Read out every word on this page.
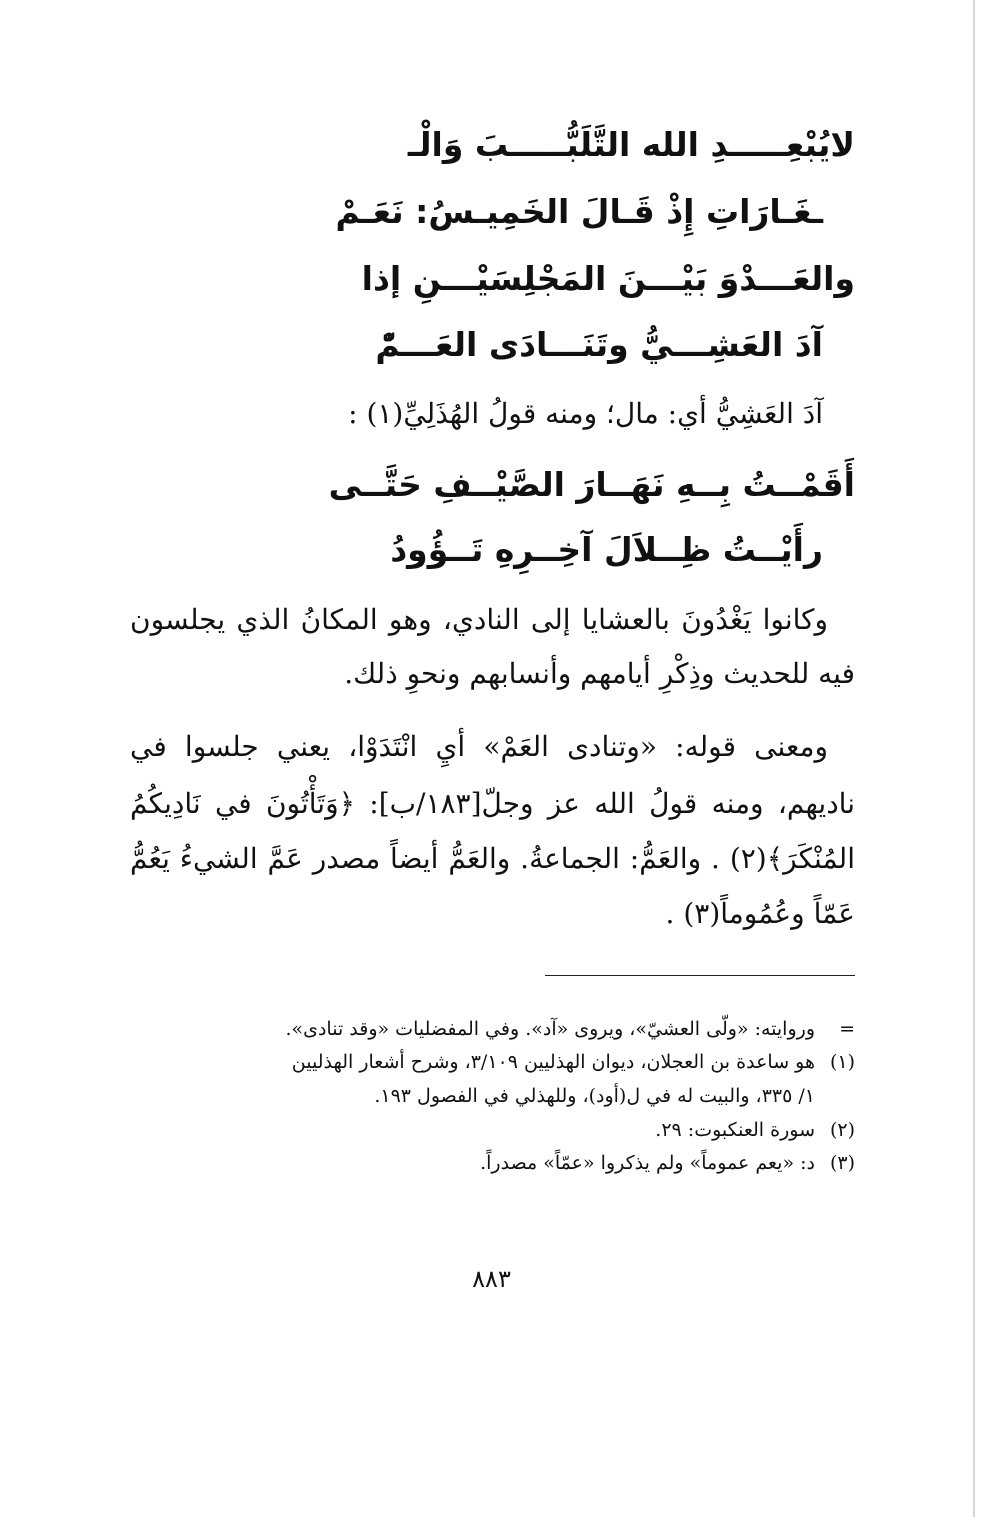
لايُبْعِـــــدِ الله التَّلَبُّـــــبَ وَالْـ
ـغَـارَاتِ إِذْ قَـالَ الخَمِيـسُ: نَعَـمْ
والعَـــدْوَ بَيْـــنَ المَجْلِسَيْـــنِ إذا
آدَ العَشِـــيُّ وتَنَـــادَى العَـــمّْ
آدَ العَشِيُّ أي: مال؛ ومنه قولُ الهُذَلِيِّ(١) :
أَقَمْــتُ بِــهِ نَهَــارَ الصَّيْــفِ حَتَّــى
رأَيْــتُ ظِــلاَلَ آخِــرِهِ تَــؤُودُ
وكانوا يَغْدُونَ بالعشايا إلى النادي، وهو المكانُ الذي يجلسون
فيه للحديث وذِكْرِ أيامهم وأنسابهم ونحوِ ذلك.
ومعنى قوله: «وتنادى العَمْ» أيِ انْتَدَوْا، يعني جلسوا في
ناديهم، ومنه قولُ الله عز وجلّ[١٨٣/ب]: ﴿وَتَأْتُونَ في نَادِيكُمُ
المُنْكَرَ﴾(٢) . والعَمُّ: الجماعةُ. والعَمُّ أيضاً مصدر عَمَّ الشيءُ يَعُمُّ
عَمّاً وعُمُوماً(٣) .
=وروايته: «ولّى العشيّ»، ويروى «آد». وفي المفضليات «وقد تنادى».
(١)هو ساعدة بن العجلان، ديوان الهذليين ٣/١٠٩، وشرح أشعار الهذليين
١/ ٣٣٥، والبيت له في ل(أود)، وللهذلي في الفصول ١٩٣.
(٢)سورة العنكبوت: ٢٩.
(٣)د: «يعم عموماً» ولم يذكروا «عمّاً» مصدراً.
٨٨٣
